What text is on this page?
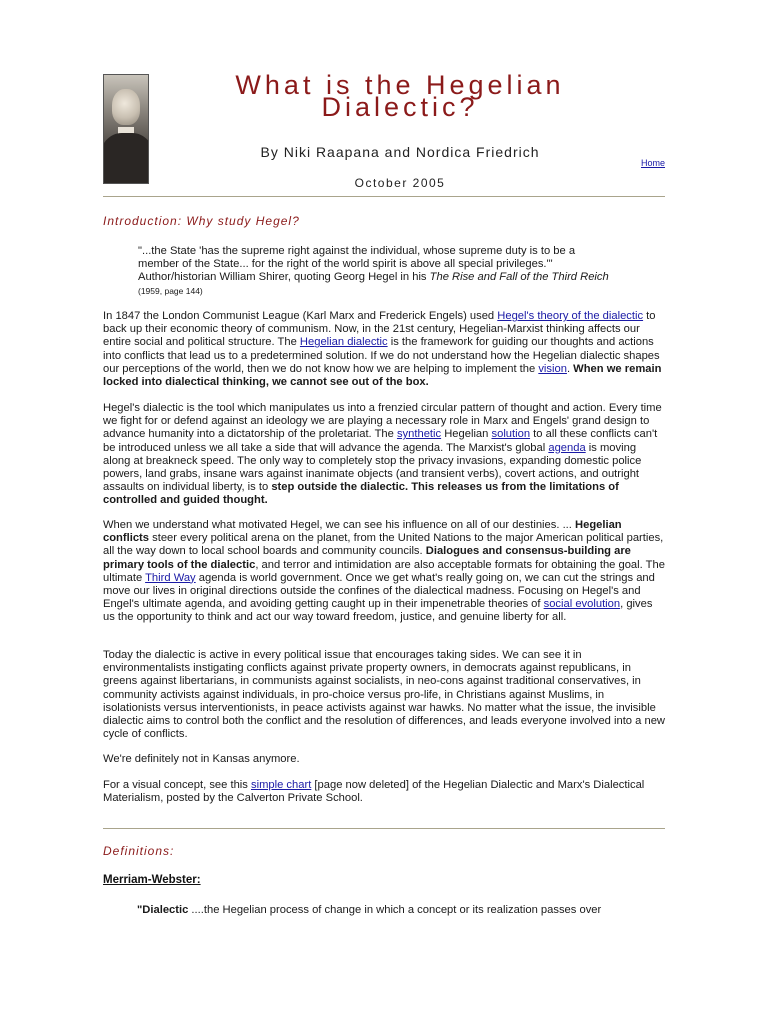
What is the Hegelian
Dialectic?
By Niki Raapana and Nordica Friedrich
October 2005
Home
Introduction: Why study Hegel?
"...the State 'has the supreme right against the individual, whose supreme duty is to be a member of the State... for the right of the world spirit is above all special privileges.'"
Author/historian William Shirer, quoting Georg Hegel in his The Rise and Fall of the Third Reich
(1959, page 144)
In 1847 the London Communist League (Karl Marx and Frederick Engels) used Hegel's theory of the dialectic to back up their economic theory of communism. Now, in the 21st century, Hegelian-Marxist thinking affects our entire social and political structure. The Hegelian dialectic is the framework for guiding our thoughts and actions into conflicts that lead us to a predetermined solution. If we do not understand how the Hegelian dialectic shapes our perceptions of the world, then we do not know how we are helping to implement the vision. When we remain locked into dialectical thinking, we cannot see out of the box.
Hegel's dialectic is the tool which manipulates us into a frenzied circular pattern of thought and action. Every time we fight for or defend against an ideology we are playing a necessary role in Marx and Engels' grand design to advance humanity into a dictatorship of the proletariat. The synthetic Hegelian solution to all these conflicts can't be introduced unless we all take a side that will advance the agenda. The Marxist's global agenda is moving along at breakneck speed. The only way to completely stop the privacy invasions, expanding domestic police powers, land grabs, insane wars against inanimate objects (and transient verbs), covert actions, and outright assaults on individual liberty, is to step outside the dialectic. This releases us from the limitations of controlled and guided thought.
When we understand what motivated Hegel, we can see his influence on all of our destinies. ... Hegelian conflicts steer every political arena on the planet, from the United Nations to the major American political parties, all the way down to local school boards and community councils. Dialogues and consensus-building are primary tools of the dialectic, and terror and intimidation are also acceptable formats for obtaining the goal. The ultimate Third Way agenda is world government. Once we get what's really going on, we can cut the strings and move our lives in original directions outside the confines of the dialectical madness. Focusing on Hegel's and Engel's ultimate agenda, and avoiding getting caught up in their impenetrable theories of social evolution, gives us the opportunity to think and act our way toward freedom, justice, and genuine liberty for all.
Today the dialectic is active in every political issue that encourages taking sides. We can see it in environmentalists instigating conflicts against private property owners, in democrats against republicans, in greens against libertarians, in communists against socialists, in neo-cons against traditional conservatives, in community activists against individuals, in pro-choice versus pro-life, in Christians against Muslims, in isolationists versus interventionists, in peace activists against war hawks. No matter what the issue, the invisible dialectic aims to control both the conflict and the resolution of differences, and leads everyone involved into a new cycle of conflicts.
We're definitely not in Kansas anymore.
For a visual concept, see this simple chart [page now deleted] of the Hegelian Dialectic and Marx's Dialectical Materialism, posted by the Calverton Private School.
Definitions:
Merriam-Webster:
"Dialectic ....the Hegelian process of change in which a concept or its realization passes over
